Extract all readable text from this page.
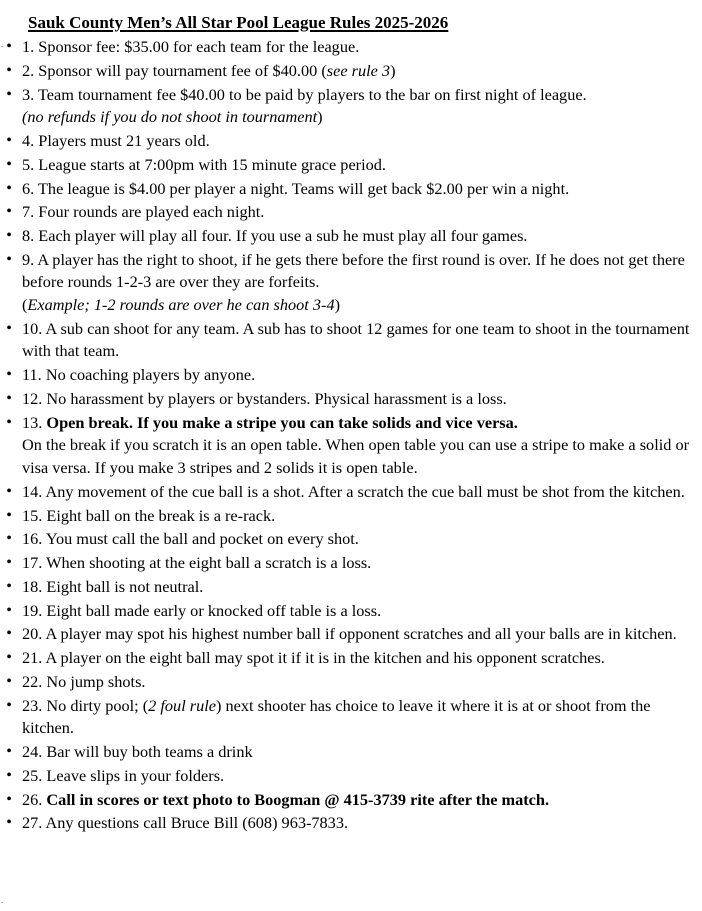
.
Sauk County Men’s All Star Pool League Rules 2025-2026
• 1. Sponsor fee: $35.00 for each team for the league.
• 2. Sponsor will pay tournament fee of $40.00 (see rule 3)
• 3. Team tournament fee $40.00 to be paid by players to the bar on first night of league.
(no refunds if you do not shoot in tournament)
• 4. Players must 21 years old.
• 5. League starts at 7:00pm with 15 minute grace period.
• 6. The league is $4.00 per player a night. Teams will get back $2.00 per win a night.
• 7. Four rounds are played each night.
• 8. Each player will play all four. If you use a sub he must play all four games.
• 9. A player has the right to shoot, if he gets there before the first round is over. If he does not get there before rounds 1-2-3 are over they are forfeits.
(Example; 1-2 rounds are over he can shoot 3-4)
• 10. A sub can shoot for any team. A sub has to shoot 12 games for one team to shoot in the tournament with that team.
• 11. No coaching players by anyone.
• 12. No harassment by players or bystanders. Physical harassment is a loss.
• 13. Open break. If you make a stripe you can take solids and vice versa.
On the break if you scratch it is an open table. When open table you can use a stripe to make a solid or visa versa. If you make 3 stripes and 2 solids it is open table.
• 14. Any movement of the cue ball is a shot. After a scratch the cue ball must be shot from the kitchen.
• 15. Eight ball on the break is a re-rack.
• 16. You must call the ball and pocket on every shot.
• 17. When shooting at the eight ball a scratch is a loss.
• 18. Eight ball is not neutral.
• 19. Eight ball made early or knocked off table is a loss.
• 20. A player may spot his highest number ball if opponent scratches and all your balls are in kitchen.
• 21. A player on the eight ball may spot it if it is in the kitchen and his opponent scratches.
• 22. No jump shots.
• 23. No dirty pool; (2 foul rule) next shooter has choice to leave it where it is at or shoot from the kitchen.
• 24. Bar will buy both teams a drink
• 25. Leave slips in your folders.
• 26. Call in scores or text photo to Boogman @ 415-3739 rite after the match.
• 27. Any questions call Bruce Bill (608) 963-7833.
.
